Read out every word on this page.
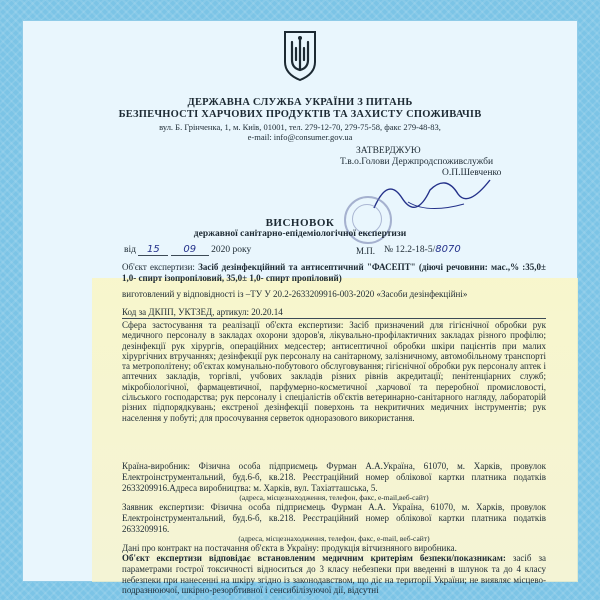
ДЕРЖАВНА СЛУЖБА УКРАЇНИ З ПИТАНЬ
БЕЗПЕЧНОСТІ ХАРЧОВИХ ПРОДУКТІВ ТА ЗАХИСТУ СПОЖИВАЧІВ
вул. Б. Грінченка, 1, м. Київ, 01001, тел. 279-12-70, 279-75-58, факс 279-48-83,
e-mail: info@consumer.gov.ua
ЗАТВЕРДЖУЮ
Т.в.о.Голови Держпродспоживслужби
О.П.Шевченко
М.П.
ВИСНОВОК
державної санітарно-епідеміологічної експертизи
від 15 09 2020 року	№ 12.2-18-5/8070
Об'єкт експертизи: Засіб дезінфекційний та антисептичний "ФАСЕПТ" (діючі речовини: мас.,% :35,0± 1,0- спирт ізопропіловий, 35,0± 1,0- спирт пропіловий)
виготовлений у відповідності із –ТУ У 20.2-2633209916-003-2020 «Засоби дезінфекційні»
Код за ДКПП, УКТЗЕД, артикул: 20.20.14
Сфера застосування та реалізації об'єкта експертизи: Засіб призначений для гігієнічної обробки рук медичного персоналу в закладах охорони здоров'я, лікувально-профілактичних закладах різного профілю; дезінфекції рук хірургів, операційних медсестер; антисептичної обробки шкіри пацієнтів при малих хірургічних втручаннях; дезінфекції рук персоналу на санітарному, залізничному, автомобільному транспорті та метрополітену; об'єктах комунально-побутового обслуговування; гігієнічної обробки рук персоналу аптек і аптечних закладів, торгівлі, учбових закладів різних рівнів акредитації; пенітенціарних служб; мікробіологічної, фармацевтичної, парфумерно-косметичної ,харчової та переробної промисловості, сільського господарства; рук персоналу і спеціалістів об'єктів ветеринарно-санітарного нагляду, лабораторій різних підпорядкувань; екстреної дезінфекції поверхонь та некритичних медичних інструментів; рук населення у побуті; для просочування серветок одноразового використання.
Країна-виробник: Фізична особа підприємець Фурман А.А.Україна, 61070, м. Харків, провулок Електроінструментальний, буд.6-б, кв.218. Реєстраційний номер облікової картки платника податків 2633209916.Адреса виробництва: м. Харків, вул. Тахіатташська, 5.
(адреса, місцезнаходження, телефон, факс, e-mail,веб-сайт)
Заявник експертизи: Фізична особа підприємець Фурман А.А. Україна, 61070, м. Харків, провулок Електроінструментальний, буд.6-б, кв.218. Реєстраційний номер облікової картки платника податків 2633209916.
(адреса, місцезнаходження, телефон, факс, e-mail, веб-сайт)
Дані про контракт на постачання об'єкта в Україну: продукція вітчизняного виробника.
Об'єкт експертизи відповідає встановленим медичним критеріям безпеки/показникам: засіб за параметрами гострої токсичності відноситься до 3 класу небезпеки при введенні в шлунок та до 4 класу небезпеки при нанесенні на шкіру згідно із законодавством, що діє на території України; не виявляє місцево-подразнюючої, шкірно-резорбтивної і сенсибілізуючої дії, відсутні
